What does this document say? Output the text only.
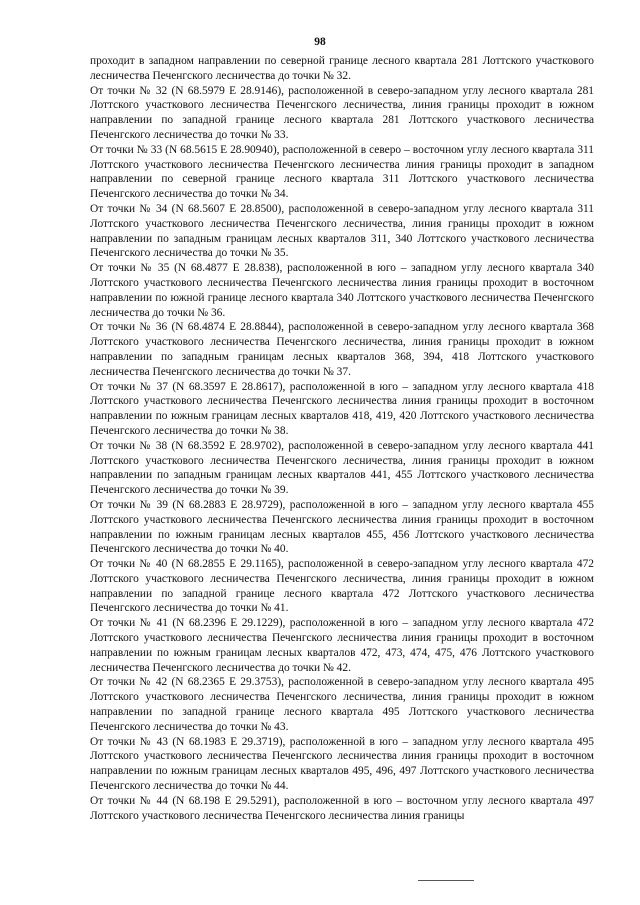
98

проходит в западном направлении по северной границе лесного квартала 281 Лоттского участкового лесничества Печенгского лесничества до точки № 32.

От точки № 32 (N 68.5979 E 28.9146), расположенной в северо-западном углу лесного квартала 281 Лоттского участкового лесничества Печенгского лесничества, линия границы проходит в южном направлении по западной границе лесного квартала 281 Лоттского участкового лесничества Печенгского лесничества до точки № 33.

От точки № 33 (N 68.5615 E 28.90940), расположенной в северо – восточном углу лесного квартала 311 Лоттского участкового лесничества Печенгского лесничества линия границы проходит в западном направлении по северной границе лесного квартала 311 Лоттского участкового лесничества Печенгского лесничества до точки № 34.

От точки № 34 (N 68.5607 E 28.8500), расположенной в северо-западном углу лесного квартала 311 Лоттского участкового лесничества Печенгского лесничества, линия границы проходит в южном направлении по западным границам лесных кварталов 311, 340 Лоттского участкового лесничества Печенгского лесничества до точки № 35.

От точки № 35 (N 68.4877 E 28.838), расположенной в юго – западном углу лесного квартала 340 Лоттского участкового лесничества Печенгского лесничества линия границы проходит в восточном направлении по южной границе лесного квартала 340 Лоттского участкового лесничества Печенгского лесничества до точки № 36.

От точки № 36 (N 68.4874 E 28.8844), расположенной в северо-западном углу лесного квартала 368 Лоттского участкового лесничества Печенгского лесничества, линия границы проходит в южном направлении по западным границам лесных кварталов 368, 394, 418 Лоттского участкового лесничества Печенгского лесничества до точки № 37.

От точки № 37 (N 68.3597 E 28.8617), расположенной в юго – западном углу лесного квартала 418 Лоттского участкового лесничества Печенгского лесничества линия границы проходит в восточном направлении по южным границам лесных кварталов 418, 419, 420 Лоттского участкового лесничества Печенгского лесничества до точки № 38.

От точки № 38 (N 68.3592 E 28.9702), расположенной в северо-западном углу лесного квартала 441 Лоттского участкового лесничества Печенгского лесничества, линия границы проходит в южном направлении по западным границам лесных кварталов 441, 455 Лоттского участкового лесничества Печенгского лесничества до точки № 39.

От точки № 39 (N 68.2883 E 28.9729), расположенной в юго – западном углу лесного квартала 455 Лоттского участкового лесничества Печенгского лесничества линия границы проходит в восточном направлении по южным границам лесных кварталов 455, 456 Лоттского участкового лесничества Печенгского лесничества до точки № 40.

От точки № 40 (N 68.2855 E 29.1165), расположенной в северо-западном углу лесного квартала 472 Лоттского участкового лесничества Печенгского лесничества, линия границы проходит в южном направлении по западной границе лесного квартала 472 Лоттского участкового лесничества Печенгского лесничества до точки № 41.

От точки № 41 (N 68.2396 E 29.1229), расположенной в юго – западном углу лесного квартала 472 Лоттского участкового лесничества Печенгского лесничества линия границы проходит в восточном направлении по южным границам лесных кварталов 472, 473, 474, 475, 476 Лоттского участкового лесничества Печенгского лесничества до точки № 42.

От точки № 42 (N 68.2365 E 29.3753), расположенной в северо-западном углу лесного квартала 495 Лоттского участкового лесничества Печенгского лесничества, линия границы проходит в южном направлении по западной границе лесного квартала 495 Лоттского участкового лесничества Печенгского лесничества до точки № 43.

От точки № 43 (N 68.1983 E 29.3719), расположенной в юго – западном углу лесного квартала 495 Лоттского участкового лесничества Печенгского лесничества линия границы проходит в восточном направлении по южным границам лесных кварталов 495, 496, 497 Лоттского участкового лесничества Печенгского лесничества до точки № 44.

От точки № 44 (N 68.198 E 29.5291), расположенной в юго – восточном углу лесного квартала 497 Лоттского участкового лесничества Печенгского лесничества линия границы
